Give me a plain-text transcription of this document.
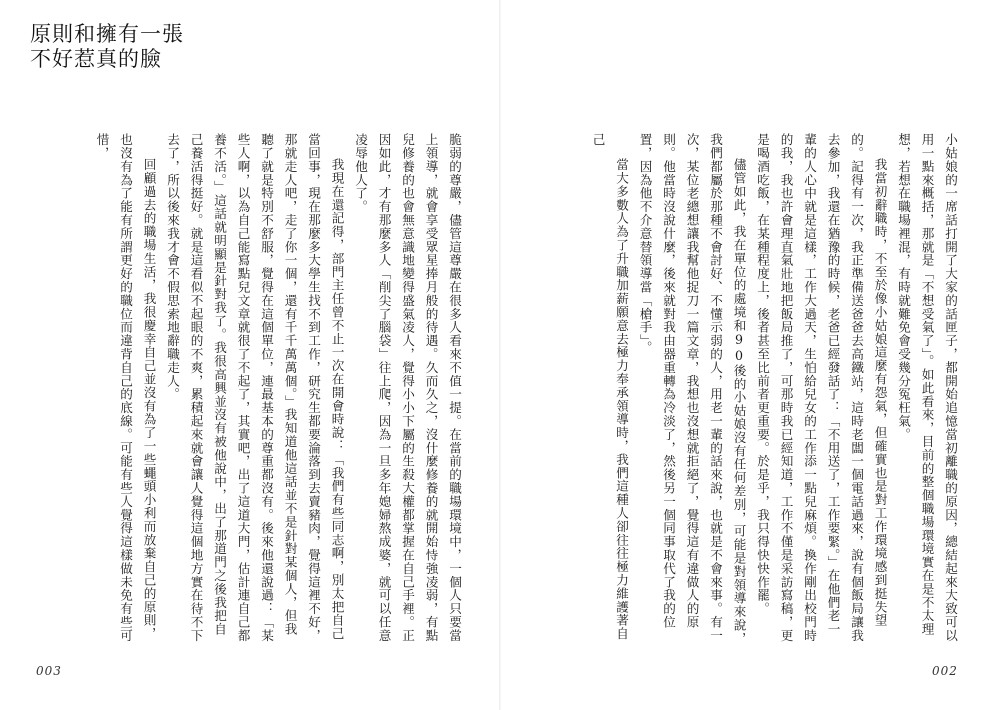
原則和擁有一張
不好惹真的臉

小姑娘的一席話打開了大家的話匣子，都開始追憶當初離職的原因，總結起來大致可以用一點來概括，那就是「不想受氣了」。如此看來，目前的整個職場環境實在是不太理想，若想在職場裡混，有時就難免會受幾分冤枉氣。

我當初辭職時，不至於像小姑娘這麼有怨氣，但確實也是對工作環境感到挺失望的。記得有一次，我正準備送爸爸去高鐵站，這時老闆一個電話過來，說有個飯局讓我去參加，我還在猶豫的時候，老爸已經發話了：「不用送了，工作要緊。」在他們老一輩的人心中就是這樣，工作大過天，生怕給兒女的工作添一點兒麻煩。換作剛出校門時的我，我也許會理直氣壯地把飯局推了，可那時我已經知道，工作不僅是采訪寫稿，更是喝酒吃飯，在某種程度上，後者甚至比前者更重要。於是乎，我只得快快作罷。

儘管如此，我在單位的處境和90後的小姑娘沒有任何差別，可能是對領導來說，我們都屬於那種不會討好、不懂示弱的人，用老一輩的話來說，也就是不會來事。有一次，某位老總想讓我幫他捉刀一篇文章，我想也沒想就拒絕了，覺得這有違做人的原則。他當時沒說什麼，後來就對我由器重轉為冷淡了，然後另一個同事取代了我的位置，因為他不介意替領導當「槍手」。

當大多數人為了升職加薪願意去極力奉承領導時，我們這種人卻往往極力維護著自己

脆弱的尊嚴，儘管這尊嚴在很多人看來不值一提。在當前的職場環境中，一個人只要當上領導，就會享受眾星捧月般的待遇。久而久之，沒什麼修養的就開始恃強凌弱，有點兒修養的也會無意識地變得盛氣凌人，覺得小小下屬的生殺大權都掌握在自己手裡。正因如此，才有那麼多人「削尖了腦袋」往上爬，因為一旦多年媳婦熬成婆，就可以任意凌辱他人了。

我現在還記得，部門主任曾不止一次在開會時說：「我們有些同志啊，別太把自己當回事，現在那麼多大學生找不到工作，研究生都要淪落到去賣豬肉，覺得這裡不好，那就走人吧，走了你一個，還有千千萬萬個。」我知道他這話並不是針對某個人，但我聽了就是特別不舒服，覺得在這個單位，連最基本的尊重都沒有。後來他還說過：「某些人啊，以為自己能寫點兒文章就很了不起了，其實吧，出了這道大門，估計連自己都養不活。」這話就明顯是針對我了。我很高興並沒有被他說中，出了那道門之後我把自己養活得挺好。就是這看似不起眼的不爽，累積起來就會讓人覺得這個地方實在待不下去了，所以後來我才會不假思索地辭職走人。

回顧過去的職場生活，我很慶幸自己並沒有為了一些蠅頭小利而放棄自己的原則，也沒有為了能有所謂更好的職位而違背自己的底線。可能有些人覺得這樣做未免有些可惜，

003	002
